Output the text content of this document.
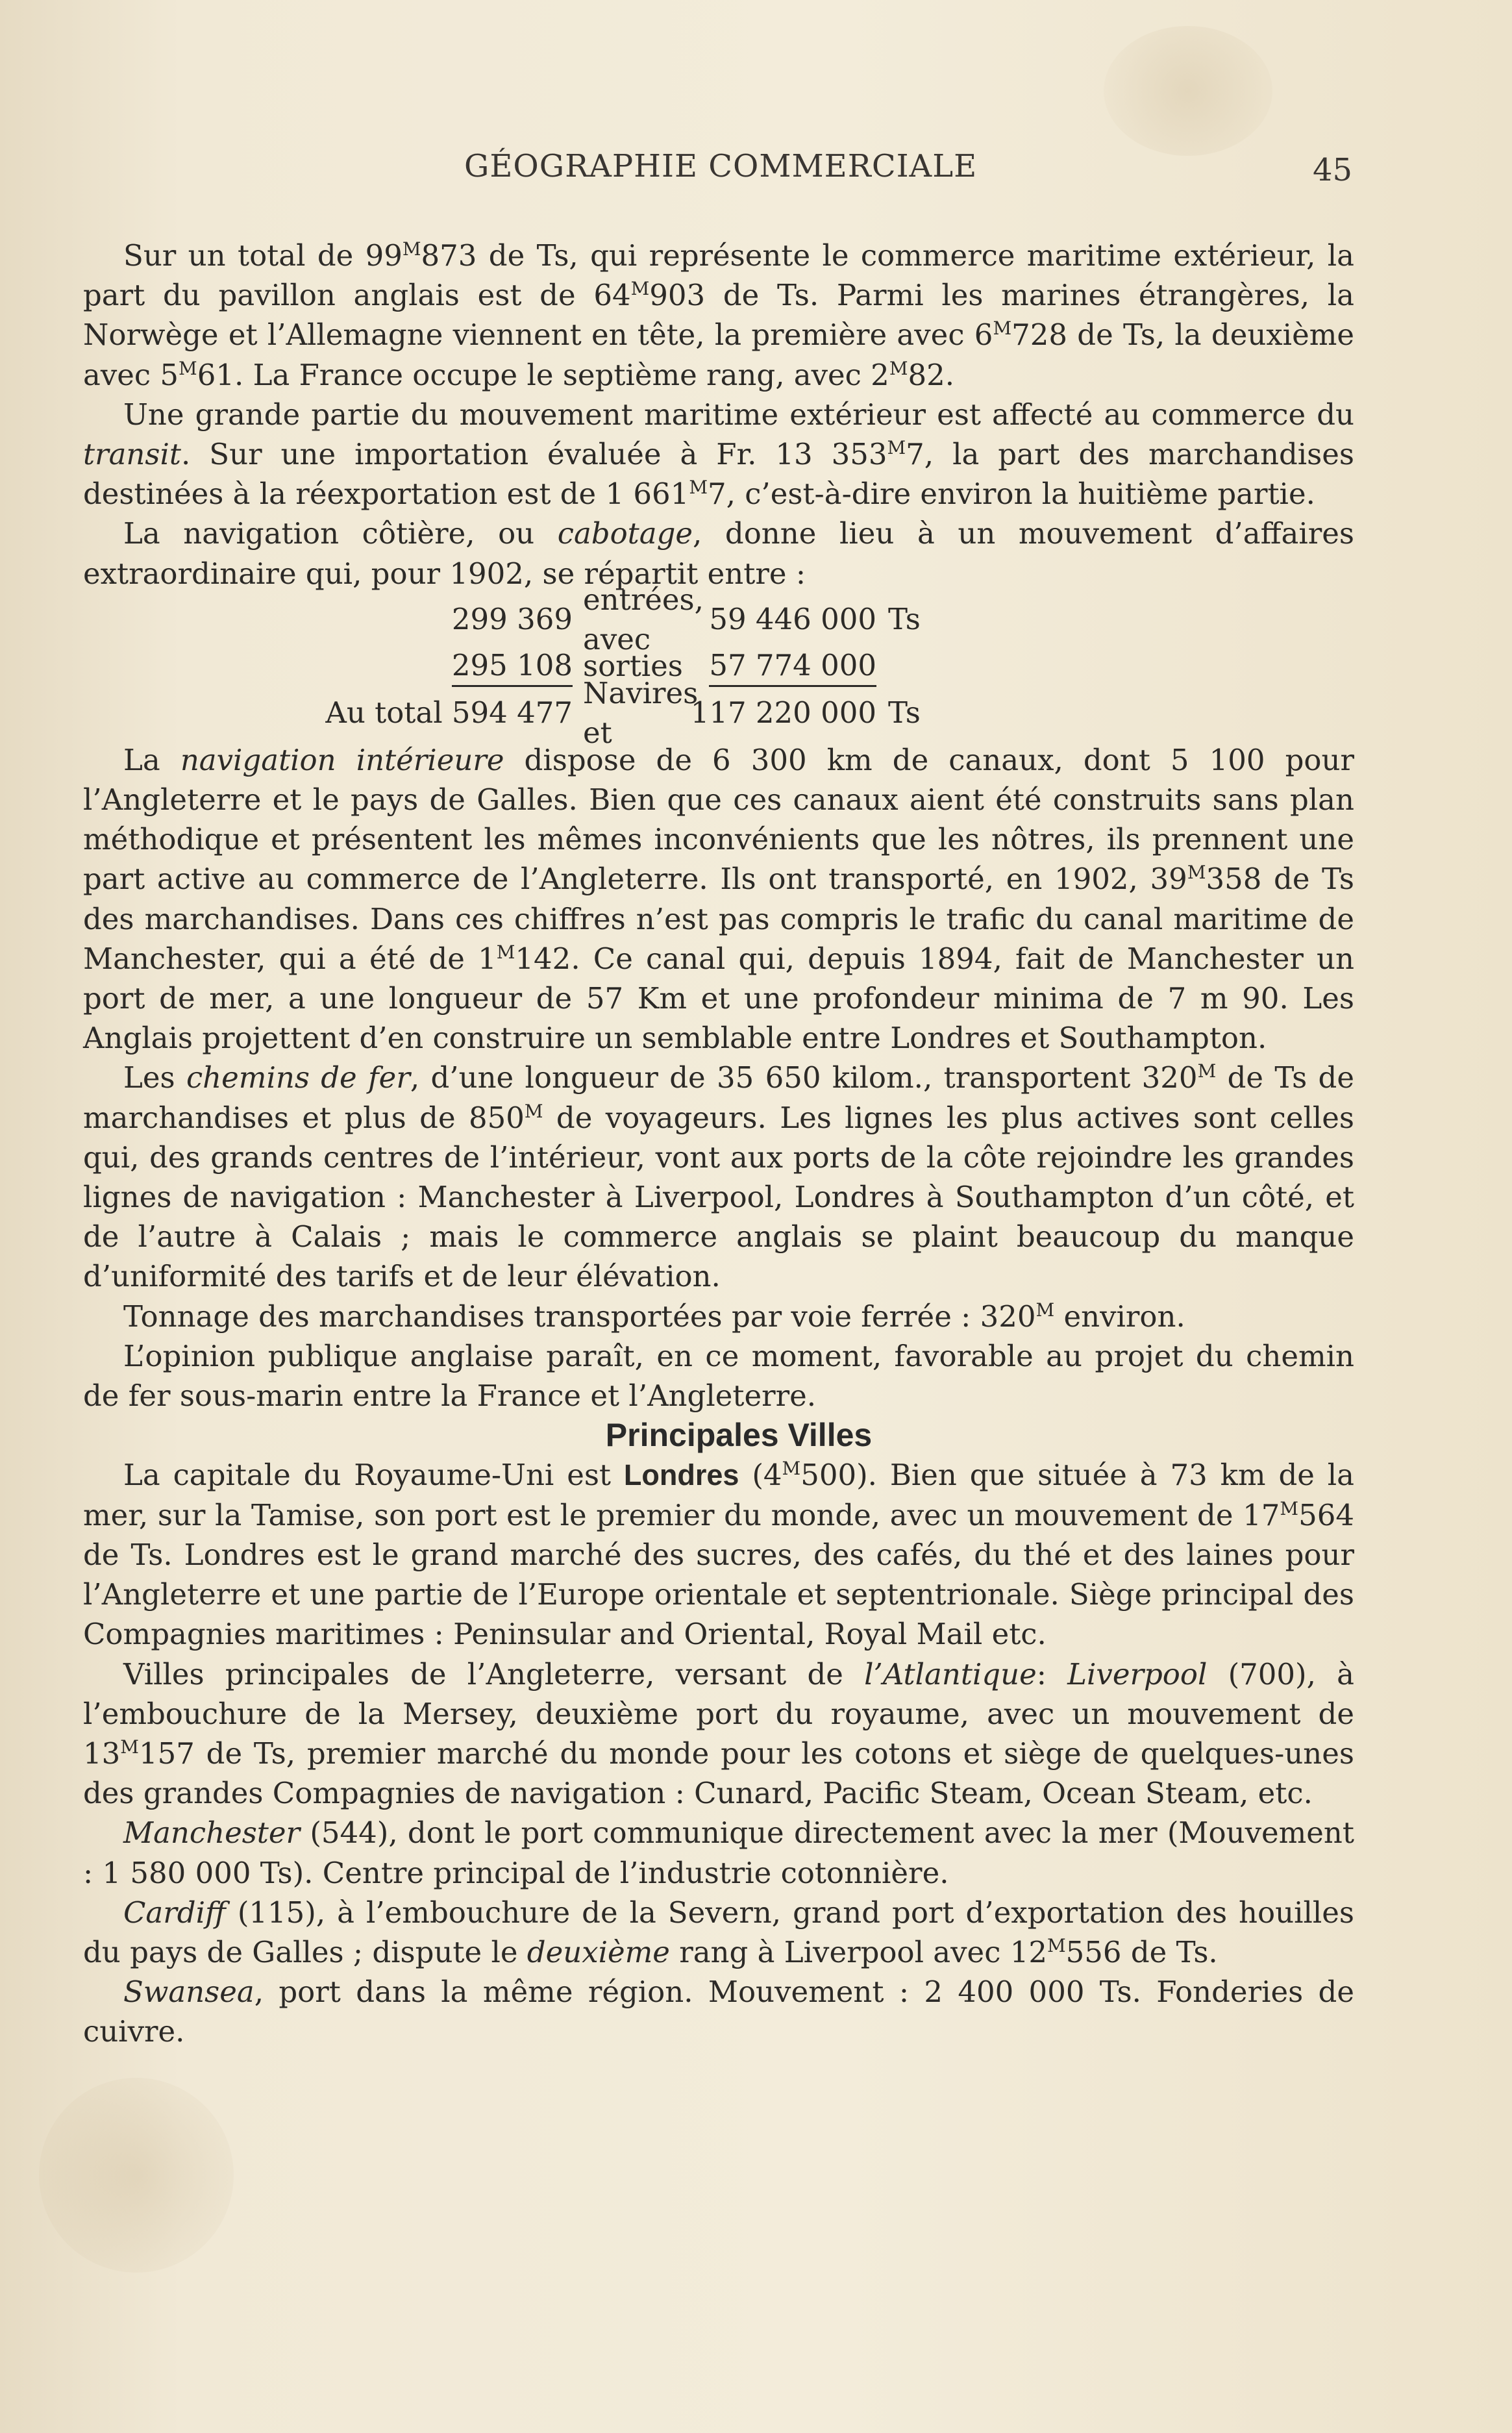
GÉOGRAPHIE COMMERCIALE	45

Sur un total de $99^M873$ de Ts, qui représente le commerce maritime extérieur, la part du pavillon anglais est de $64^M903$ de Ts. Parmi les marines étrangères, la Norwège et l’Allemagne viennent en tête, la première avec $6^M728$ de Ts, la deuxième avec $5^M61$. La France occupe le septième rang, avec $2^M82$.

Une grande partie du mouvement maritime extérieur est affecté au commerce du transit. Sur une importation évaluée à Fr. 13 $353^M7$, la part des marchandises destinées à la réexportation est de 1 $661^M7$, c’est-à-dire environ la huitième partie.

La navigation côtière, ou cabotage, donne lieu à un mouvement d’affaires extraordinaire qui, pour 1902, se répartit entre :

299 369
entrées, avec
59 446 000 Ts
295 108 sorties 57 774 000
Au total 594 477
Navires et
117 220 000 Ts

La navigation intérieure dispose de 6 300 km de canaux, dont 5 100 pour l’Angleterre et le pays de Galles. Bien que ces canaux aient été construits sans plan méthodique et présentent les mêmes inconvénients que les nôtres, ils prennent une part active au commerce de l’Angleterre. Ils ont transporté, en 1902, $39^M358$ de Ts des marchandises. Dans ces chiffres n’est pas compris le trafic du canal maritime de Manchester, qui a été de $1^M142$. Ce canal qui, depuis 1894, fait de Manchester un port de mer, a une longueur de 57 Km et une profondeur minima de 7 m 90. Les Anglais projettent d’en construire un semblable entre Londres et Southampton.

Les chemins de fer, d’une longueur de 35 650 kilom., transportent $320^M$ de Ts de marchandises et plus de $850^M$ de voyageurs. Les lignes les plus actives sont celles qui, des grands centres de l’intérieur, vont aux ports de la côte rejoindre les grandes lignes de navigation : Manchester à Liverpool, Londres à Southampton d’un côté, et de l’autre à Calais ; mais le commerce anglais se plaint beaucoup du manque d’uniformité des tarifs et de leur élévation.

Tonnage des marchandises transportées par voie ferrée : $320^M$ environ.

L’opinion publique anglaise paraît, en ce moment, favorable au projet du chemin de fer sous-marin entre la France et l’Angleterre.

Principales Villes

La capitale du Royaume-Uni est Londres $(4^M500)$. Bien que située à 73 km de la mer, sur la Tamise, son port est le premier du monde, avec un mouvement de $17^M564$ de Ts. Londres est le grand marché des sucres, des cafés, du thé et des laines pour l’Angleterre et une partie de l’Europe orientale et septentrionale. Siège principal des Compagnies maritimes : Peninsular and Oriental, Royal Mail etc.

Villes principales de l’Angleterre, versant de l’Atlantique: Liverpool (700), à l’embouchure de la Mersey, deuxième port du royaume, avec un mouvement de $13^M157$ de Ts, premier marché du monde pour les cotons et siège de quelques-unes des grandes Compagnies de navigation : Cunard, Pacific Steam, Ocean Steam, etc.

Manchester (544), dont le port communique directement avec la mer (Mouvement : 1 580 000 Ts). Centre principal de l’industrie cotonnière.

Cardiff (115), à l’embouchure de la Severn, grand port d’exportation des houilles du pays de Galles ; dispute le deuxième rang à Liverpool avec $12^M556$ de Ts.

Swansea, port dans la même région. Mouvement : 2 400 000 Ts. Fonderies de cuivre.
